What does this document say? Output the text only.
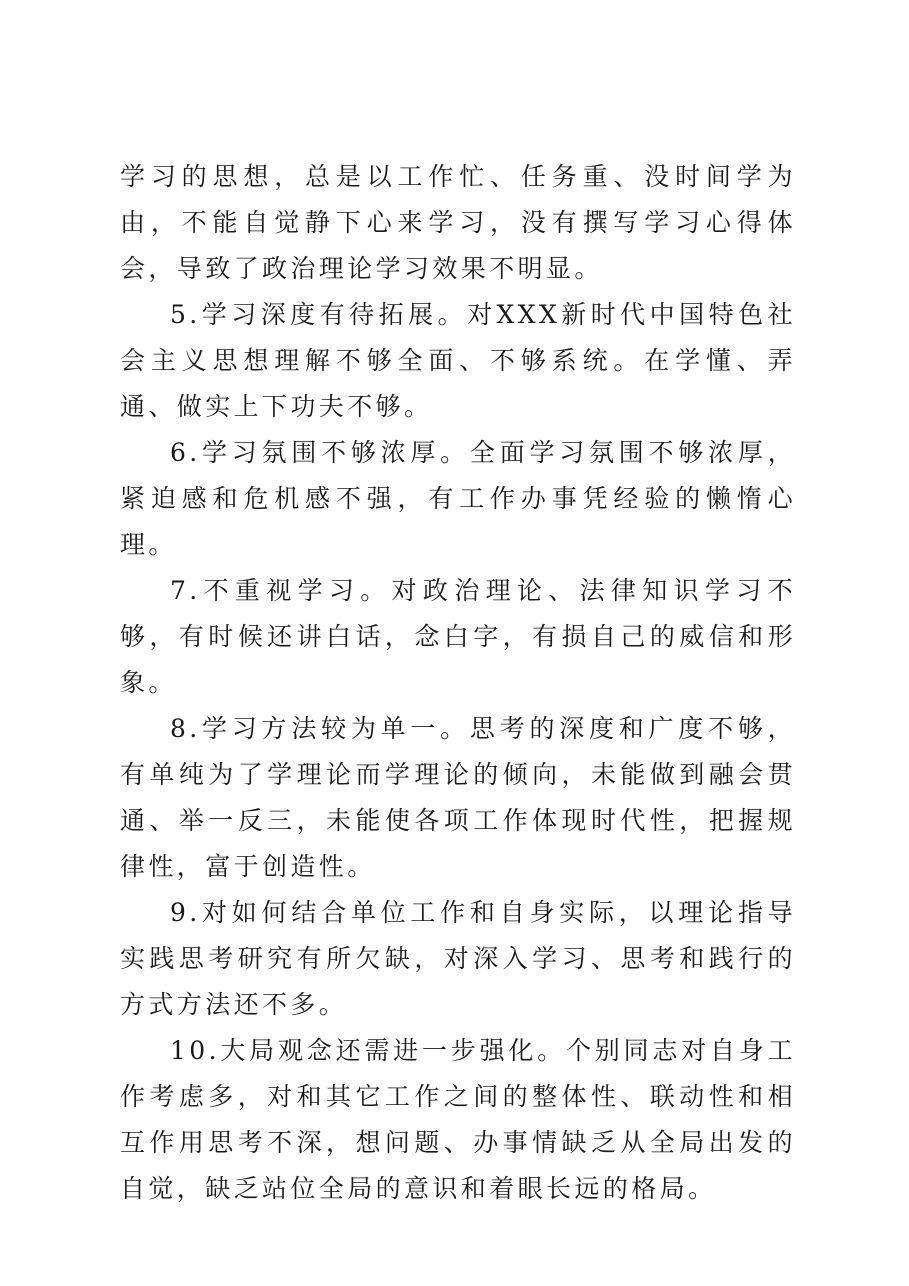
学习的思想，总是以工作忙、任务重、没时间学为由，不能自觉静下心来学习，没有撰写学习心得体会，导致了政治理论学习效果不明显。

5.学习深度有待拓展。对XXX新时代中国特色社会主义思想理解不够全面、不够系统。在学懂、弄通、做实上下功夫不够。

6.学习氛围不够浓厚。全面学习氛围不够浓厚，紧迫感和危机感不强，有工作办事凭经验的懒惰心理。

7.不重视学习。对政治理论、法律知识学习不够，有时候还讲白话，念白字，有损自己的威信和形象。

8.学习方法较为单一。思考的深度和广度不够，有单纯为了学理论而学理论的倾向，未能做到融会贯通、举一反三，未能使各项工作体现时代性，把握规律性，富于创造性。

9.对如何结合单位工作和自身实际，以理论指导实践思考研究有所欠缺，对深入学习、思考和践行的方式方法还不多。

10.大局观念还需进一步强化。个别同志对自身工作考虑多，对和其它工作之间的整体性、联动性和相互作用思考不深，想问题、办事情缺乏从全局出发的自觉，缺乏站位全局的意识和着眼长远的格局。
